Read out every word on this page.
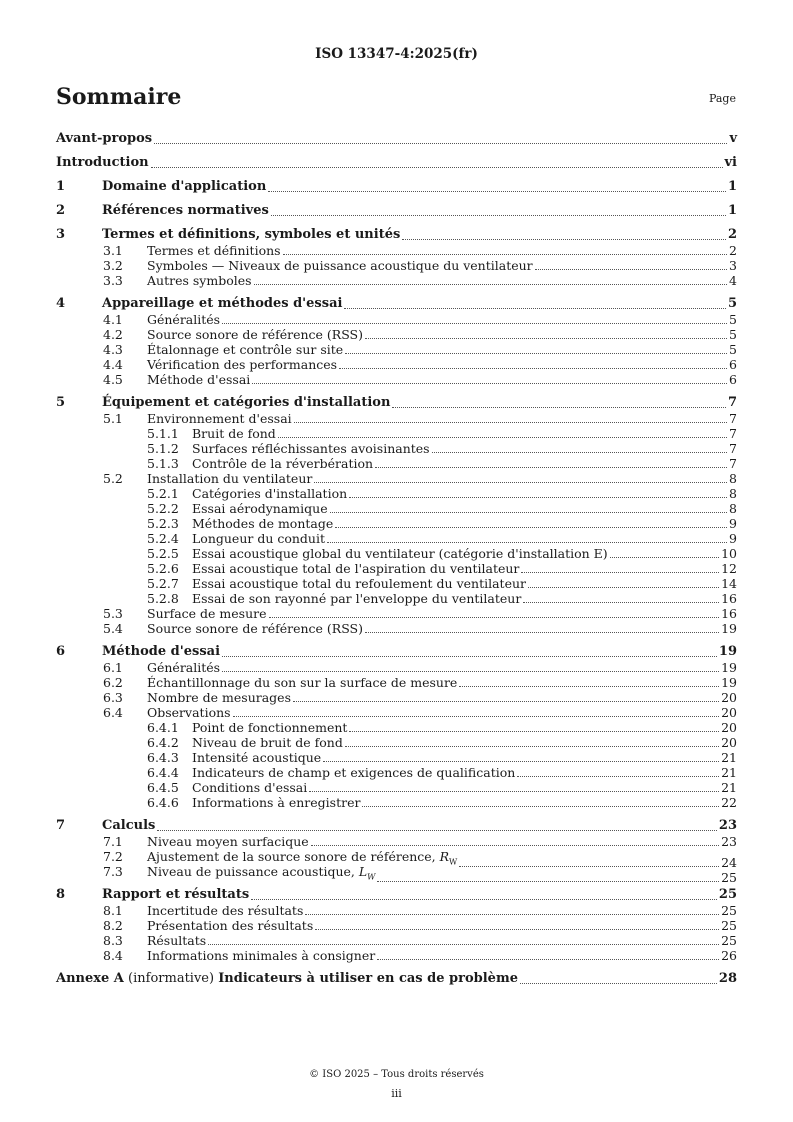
ISO 13347-4:2025(fr)
Sommaire	Page
Avant-propos	v
Introduction	vi
1	Domaine d'application	1
2	Références normatives	1
3	Termes et définitions, symboles et unités	2
3.1 Termes et définitions	2
3.2 Symboles — Niveaux de puissance acoustique du ventilateur	3
3.3 Autres symboles	4
4	Appareillage et méthodes d'essai	5
4.1 Généralités	5
4.2 Source sonore de référence (RSS)	5
4.3 Étalonnage et contrôle sur site	5
4.4 Vérification des performances	6
4.5 Méthode d'essai	6
5	Équipement et catégories d'installation	7
5.1 Environnement d'essai	7
5.1.1 Bruit de fond	7
5.1.2 Surfaces réfléchissantes avoisinantes	7
5.1.3 Contrôle de la réverbération	7
5.2 Installation du ventilateur	8
5.2.1 Catégories d'installation	8
5.2.2 Essai aérodynamique	8
5.2.3 Méthodes de montage	9
5.2.4 Longueur du conduit	9
5.2.5 Essai acoustique global du ventilateur (catégorie d'installation E)	10
5.2.6 Essai acoustique total de l'aspiration du ventilateur	12
5.2.7 Essai acoustique total du refoulement du ventilateur	14
5.2.8 Essai de son rayonné par l'enveloppe du ventilateur	16
5.3 Surface de mesure	16
5.4 Source sonore de référence (RSS)	19
6	Méthode d'essai	19
6.1 Généralités	19
6.2 Échantillonnage du son sur la surface de mesure	19
6.3 Nombre de mesurages	20
6.4 Observations	20
6.4.1 Point de fonctionnement	20
6.4.2 Niveau de bruit de fond	20
6.4.3 Intensité acoustique	21
6.4.4 Indicateurs de champ et exigences de qualification	21
6.4.5 Conditions d'essai	21
6.4.6 Informations à enregistrer	22
7	Calculs	23
7.1 Niveau moyen surfacique	23
7.2 Ajustement de la source sonore de référence, $R_W$	24
7.3 Niveau de puissance acoustique, $L_W$	25
8	Rapport et résultats	25
8.1 Incertitude des résultats	25
8.2 Présentation des résultats	25
8.3 Résultats	25
8.4 Informations minimales à consigner	26
Annexe A (informative) Indicateurs à utiliser en cas de problème	28
© ISO 2025 – Tous droits réservés
iii
